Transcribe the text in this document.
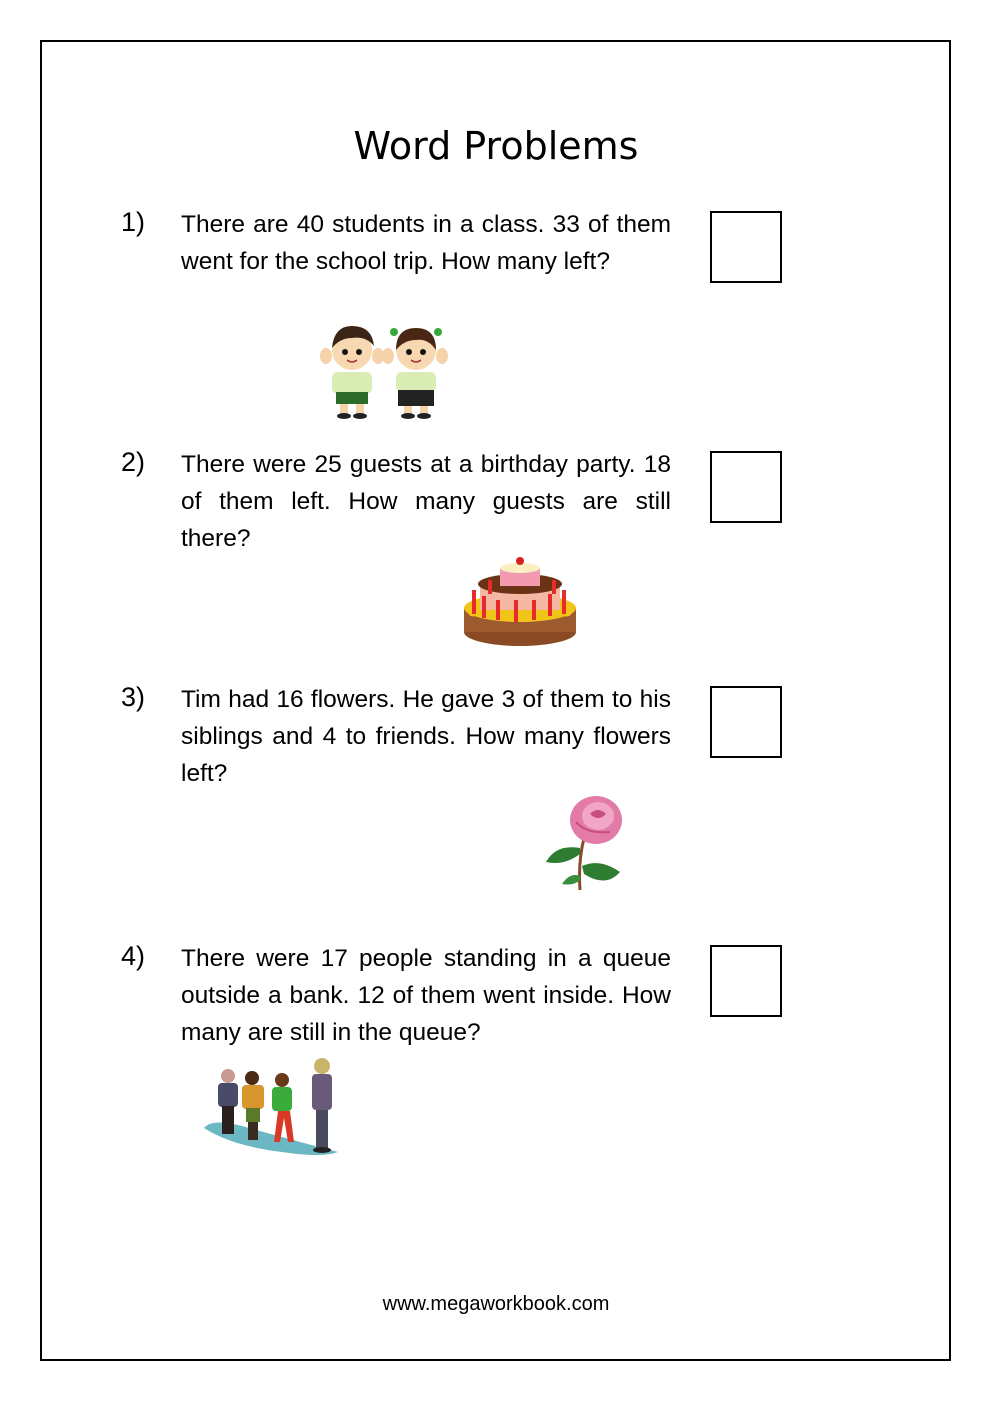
Word Problems
1) There are 40 students in a class. 33 of them went for the school trip. How many left?
2) There were 25 guests at a birthday party. 18 of them left. How many guests are still there?
3) Tim had 16 flowers. He gave 3 of them to his siblings and 4 to friends. How many flowers left?
4) There were 17 people standing in a queue outside a bank. 12 of them went inside. How many are still in the queue?
www.megaworkbook.com
